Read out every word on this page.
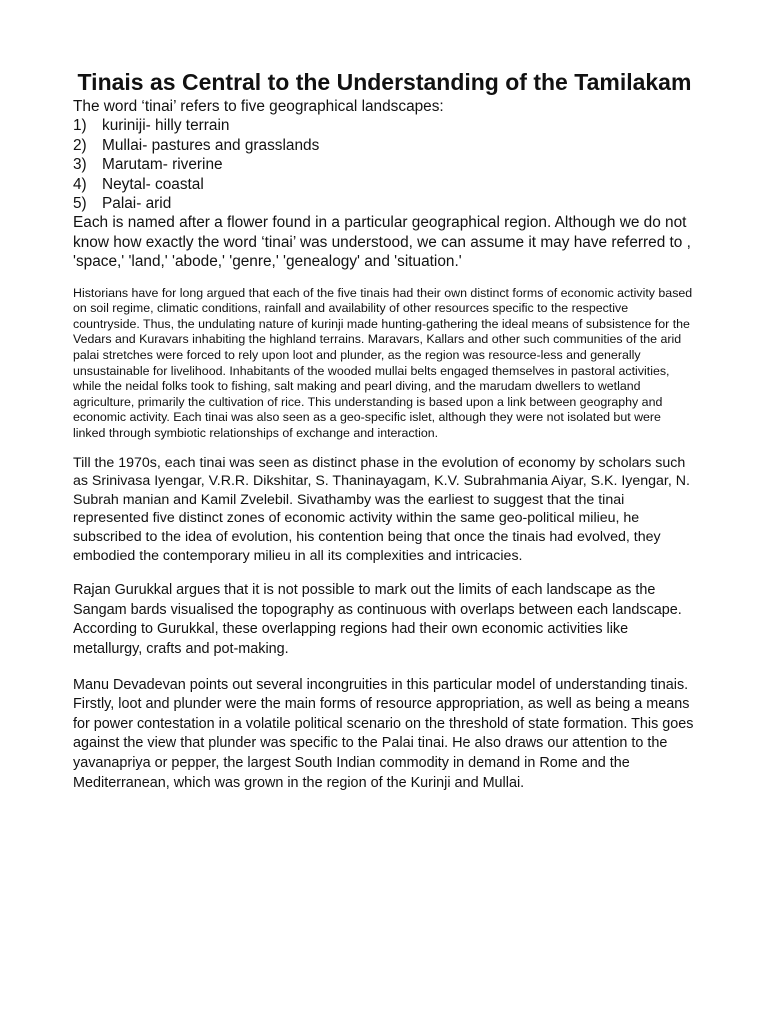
Tinais as Central to the Understanding of the Tamilakam

The word ‘tinai’ refers to five geographical landscapes:

1) kuriniji- hilly terrain
2) Mullai- pastures and grasslands
3) Marutam- riverine
4) Neytal- coastal
5) Palai- arid

Each is named after a flower found in a particular geographical region. Although we do not know how exactly the word ‘tinai’ was understood, we can assume it may have referred to , 'space,' 'land,' 'abode,' 'genre,' 'genealogy' and 'situation.'

Historians have for long argued that each of the five tinais had their own distinct forms of economic activity based on soil regime, climatic conditions, rainfall and availability of other resources specific to the respective countryside. Thus, the undulating nature of kurinji made hunting-gathering the ideal means of subsistence for the Vedars and Kuravars inhabiting the highland terrains. Maravars, Kallars and other such communities of the arid palai stretches were forced to rely upon loot and plunder, as the region was resource-less and generally unsustainable for livelihood. Inhabitants of the wooded mullai belts engaged themselves in pastoral activities, while the neidal folks took to fishing, salt making and pearl diving, and the marudam dwellers to wetland agriculture, primarily the cultivation of rice. This understanding is based upon a link between geography and economic activity. Each tinai was also seen as a geo-specific islet, although they were not isolated but were linked through symbiotic relationships of exchange and interaction.

Till the 1970s, each tinai was seen as distinct phase in the evolution of economy by scholars such as Srinivasa Iyengar, V.R.R. Dikshitar, S. Thaninayagam, K.V. Subrahmania Aiyar, S.K. Iyengar, N. Subrah manian and Kamil Zvelebil. Sivathamby was the earliest to suggest that the tinai represented five distinct zones of economic activity within the same geo-political milieu, he subscribed to the idea of evolution, his contention being that once the tinais had evolved, they embodied the contemporary milieu in all its complexities and intricacies.

Rajan Gurukkal argues that it is not possible to mark out the limits of each landscape as the Sangam bards visualised the topography as continuous with overlaps between each landscape. According to Gurukkal, these overlapping regions had their own economic activities like metallurgy, crafts and pot-making.

Manu Devadevan points out several incongruities in this particular model of understanding tinais. Firstly, loot and plunder were the main forms of resource appropriation, as well as being a means for power contestation in a volatile political scenario on the threshold of state formation. This goes against the view that plunder was specific to the Palai tinai. He also draws our attention to the yavanapriya or pepper, the largest South Indian commodity in demand in Rome and the Mediterranean, which was grown in the region of the Kurinji and Mullai.
